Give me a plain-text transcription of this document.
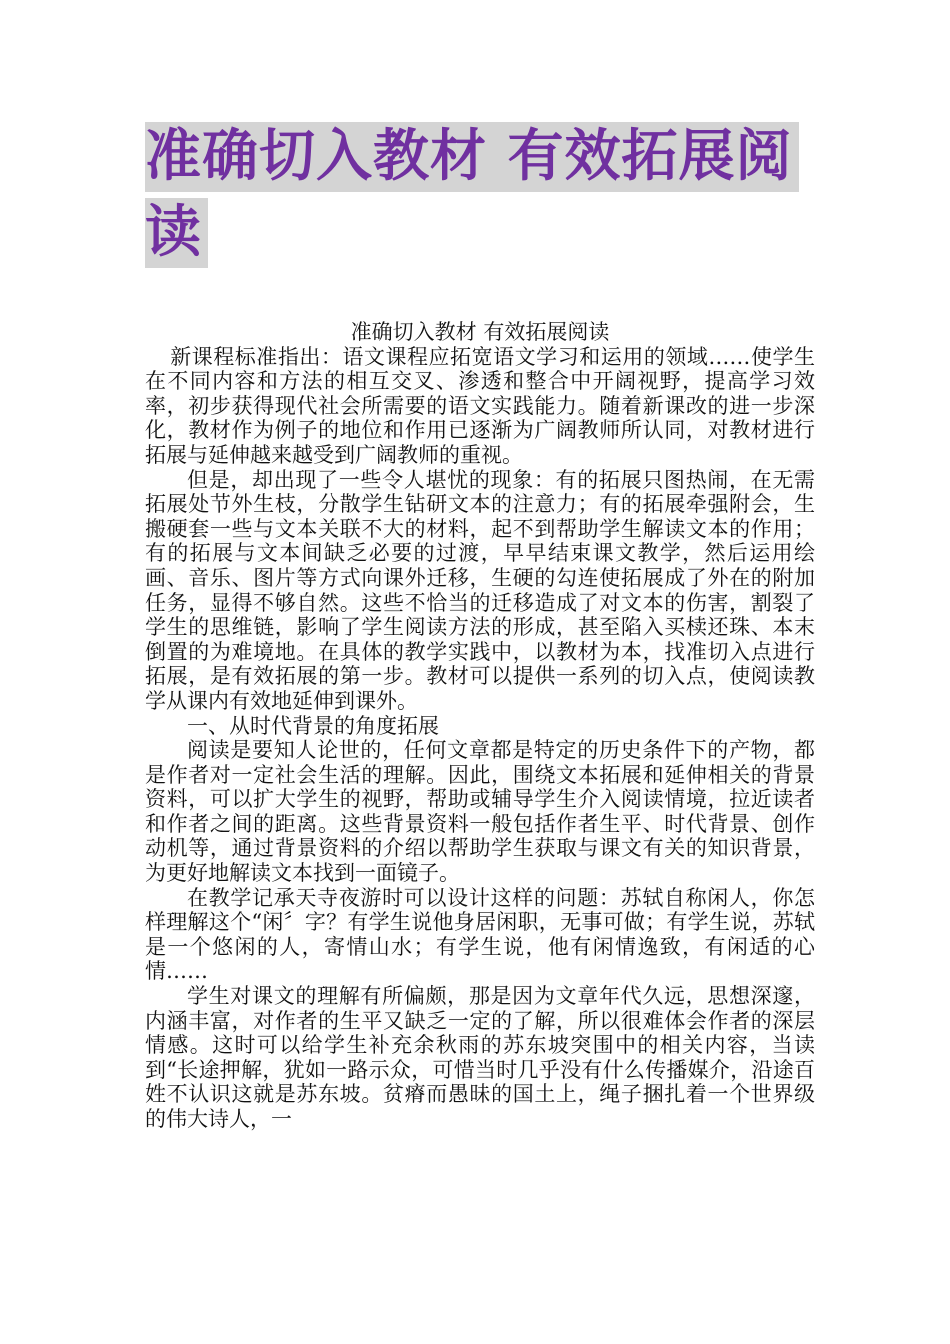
准确切入教材 有效拓展阅
读
准确切入教材 有效拓展阅读

新课程标准指出：语文课程应拓宽语文学习和运用的领域……使学生在不同内容和方法的相互交叉、渗透和整合中开阔视野，提高学习效率，初步获得现代社会所需要的语文实践能力。随着新课改的进一步深化，教材作为例子的地位和作用已逐渐为广阔教师所认同，对教材进行拓展与延伸越来越受到广阔教师的重视。

但是，却出现了一些令人堪忧的现象：有的拓展只图热闹，在无需拓展处节外生枝，分散学生钻研文本的注意力；有的拓展牵强附会，生搬硬套一些与文本关联不大的材料，起不到帮助学生解读文本的作用；有的拓展与文本间缺乏必要的过渡，早早结束课文教学，然后运用绘画、音乐、图片等方式向课外迁移，生硬的勾连使拓展成了外在的附加任务，显得不够自然。这些不恰当的迁移造成了对文本的伤害，割裂了学生的思维链，影响了学生阅读方法的形成，甚至陷入买椟还珠、本末倒置的为难境地。在具体的教学实践中，以教材为本，找准切入点进行拓展，是有效拓展的第一步。教材可以提供一系列的切入点，使阅读教学从课内有效地延伸到课外。

一、从时代背景的角度拓展

阅读是要知人论世的，任何文章都是特定的历史条件下的产物，都是作者对一定社会生活的理解。因此，围绕文本拓展和延伸相关的背景资料，可以扩大学生的视野，帮助或辅导学生介入阅读情境，拉近读者和作者之间的距离。这些背景资料一般包括作者生平、时代背景、创作动机等，通过背景资料的介绍以帮助学生获取与课文有关的知识背景，为更好地解读文本找到一面镜子。

在教学记承天寺夜游时可以设计这样的问题：苏轼自称闲人，你怎样理解这个“闲〞字？有学生说他身居闲职，无事可做；有学生说，苏轼是一个悠闲的人，寄情山水；有学生说，他有闲情逸致，有闲适的心情……

学生对课文的理解有所偏颇，那是因为文章年代久远，思想深邃，内涵丰富，对作者的生平又缺乏一定的了解，所以很难体会作者的深层情感。这时可以给学生补充余秋雨的苏东坡突围中的相关内容，当读到“长途押解，犹如一路示众，可惜当时几乎没有什么传播媒介，沿途百姓不认识这就是苏东坡。贫瘠而愚昧的国土上，绳子捆扎着一个世界级的伟大诗人，一
